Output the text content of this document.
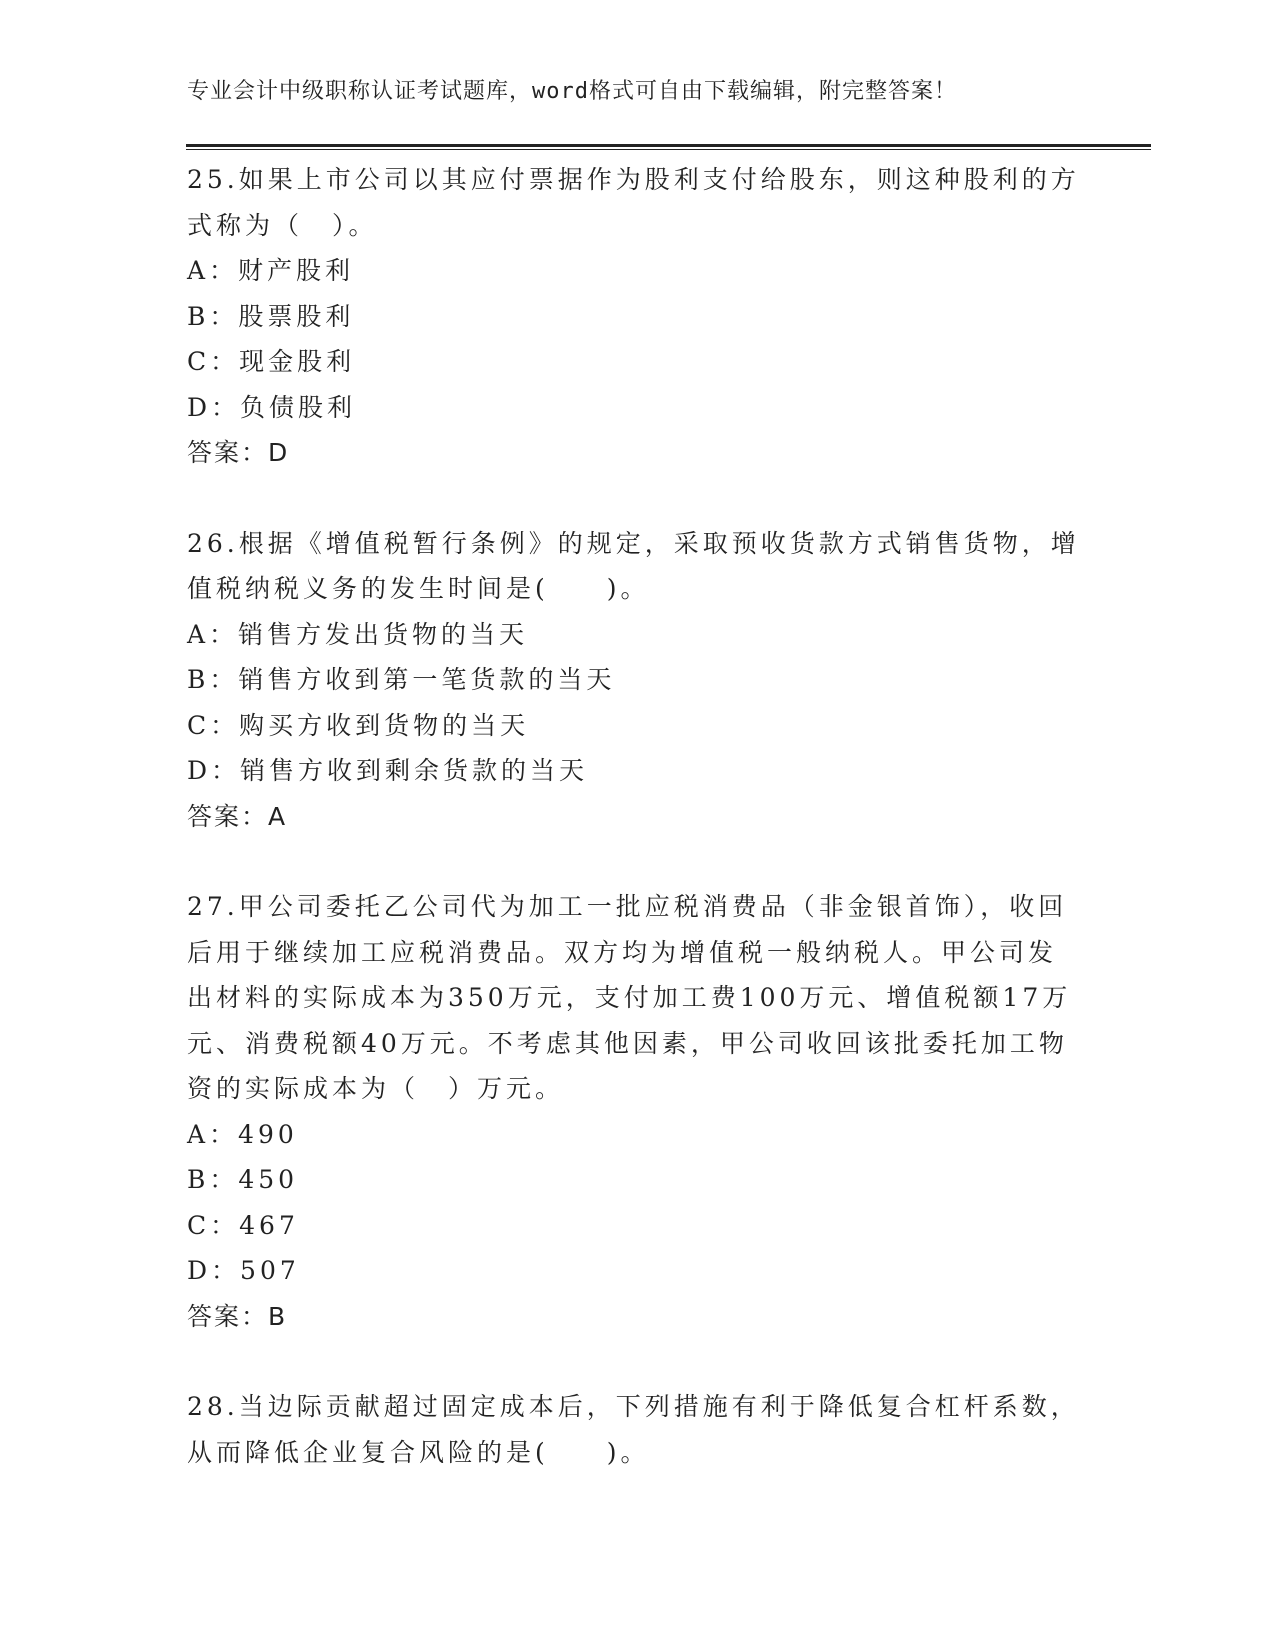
专业会计中级职称认证考试题库，word格式可自由下载编辑，附完整答案！
25.如果上市公司以其应付票据作为股利支付给股东，则这种股利的方
式称为（　）。
A：财产股利
B：股票股利
C：现金股利
D：负债股利
答案：D
26.根据《增值税暂行条例》的规定，采取预收货款方式销售货物，增
值税纳税义务的发生时间是(　　)。
A：销售方发出货物的当天
B：销售方收到第一笔货款的当天
C：购买方收到货物的当天
D：销售方收到剩余货款的当天
答案：A
27.甲公司委托乙公司代为加工一批应税消费品（非金银首饰），收回
后用于继续加工应税消费品。双方均为增值税一般纳税人。甲公司发
出材料的实际成本为350万元，支付加工费100万元、增值税额17万
元、消费税额40万元。不考虑其他因素，甲公司收回该批委托加工物
资的实际成本为（　）万元。
A：490
B：450
C：467
D：507
答案：B
28.当边际贡献超过固定成本后，下列措施有利于降低复合杠杆系数，
从而降低企业复合风险的是(　　)。
